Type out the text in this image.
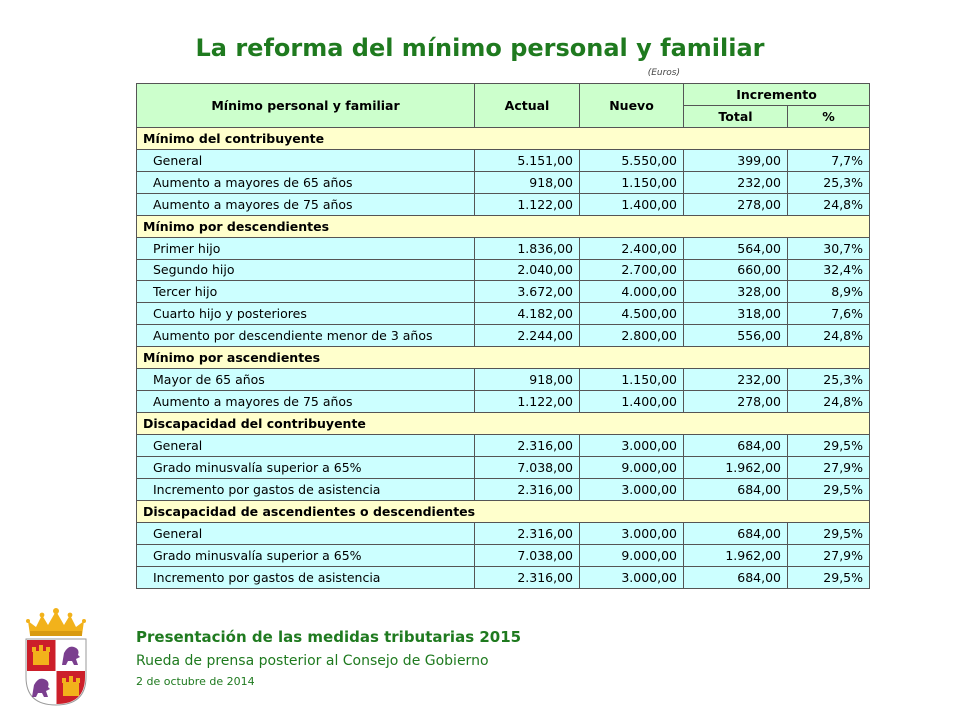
La reforma del mínimo personal y familiar
(Euros)
Mínimo personal y familiar	Actual	Nuevo	Incremento	
			Total	%
Mínimo del contribuyente				
General	5.151,00	5.550,00	399,00	7,7%
Aumento a mayores de 65 años	918,00	1.150,00	232,00	25,3%
Aumento a mayores de 75 años	1.122,00	1.400,00	278,00	24,8%
Mínimo por descendientes				
Primer hijo	1.836,00	2.400,00	564,00	30,7%
Segundo hijo	2.040,00	2.700,00	660,00	32,4%
Tercer hijo	3.672,00	4.000,00	328,00	8,9%
Cuarto hijo y posteriores	4.182,00	4.500,00	318,00	7,6%
Aumento por descendiente menor de 3 años	2.244,00	2.800,00	556,00	24,8%
Mínimo por ascendientes				
Mayor de 65 años	918,00	1.150,00	232,00	25,3%
Aumento a mayores de 75 años	1.122,00	1.400,00	278,00	24,8%
Discapacidad del contribuyente				
General	2.316,00	3.000,00	684,00	29,5%
Grado minusvalía superior a 65%	7.038,00	9.000,00	1.962,00	27,9%
Incremento por gastos de asistencia	2.316,00	3.000,00	684,00	29,5%
Discapacidad de ascendientes o descendientes				
General	2.316,00	3.000,00	684,00	29,5%
Grado minusvalía superior a 65%	7.038,00	9.000,00	1.962,00	27,9%
Incremento por gastos de asistencia	2.316,00	3.000,00	684,00	29,5%
Presentación de las medidas tributarias 2015
Rueda de prensa posterior al Consejo de Gobierno
2 de octubre de 2014
